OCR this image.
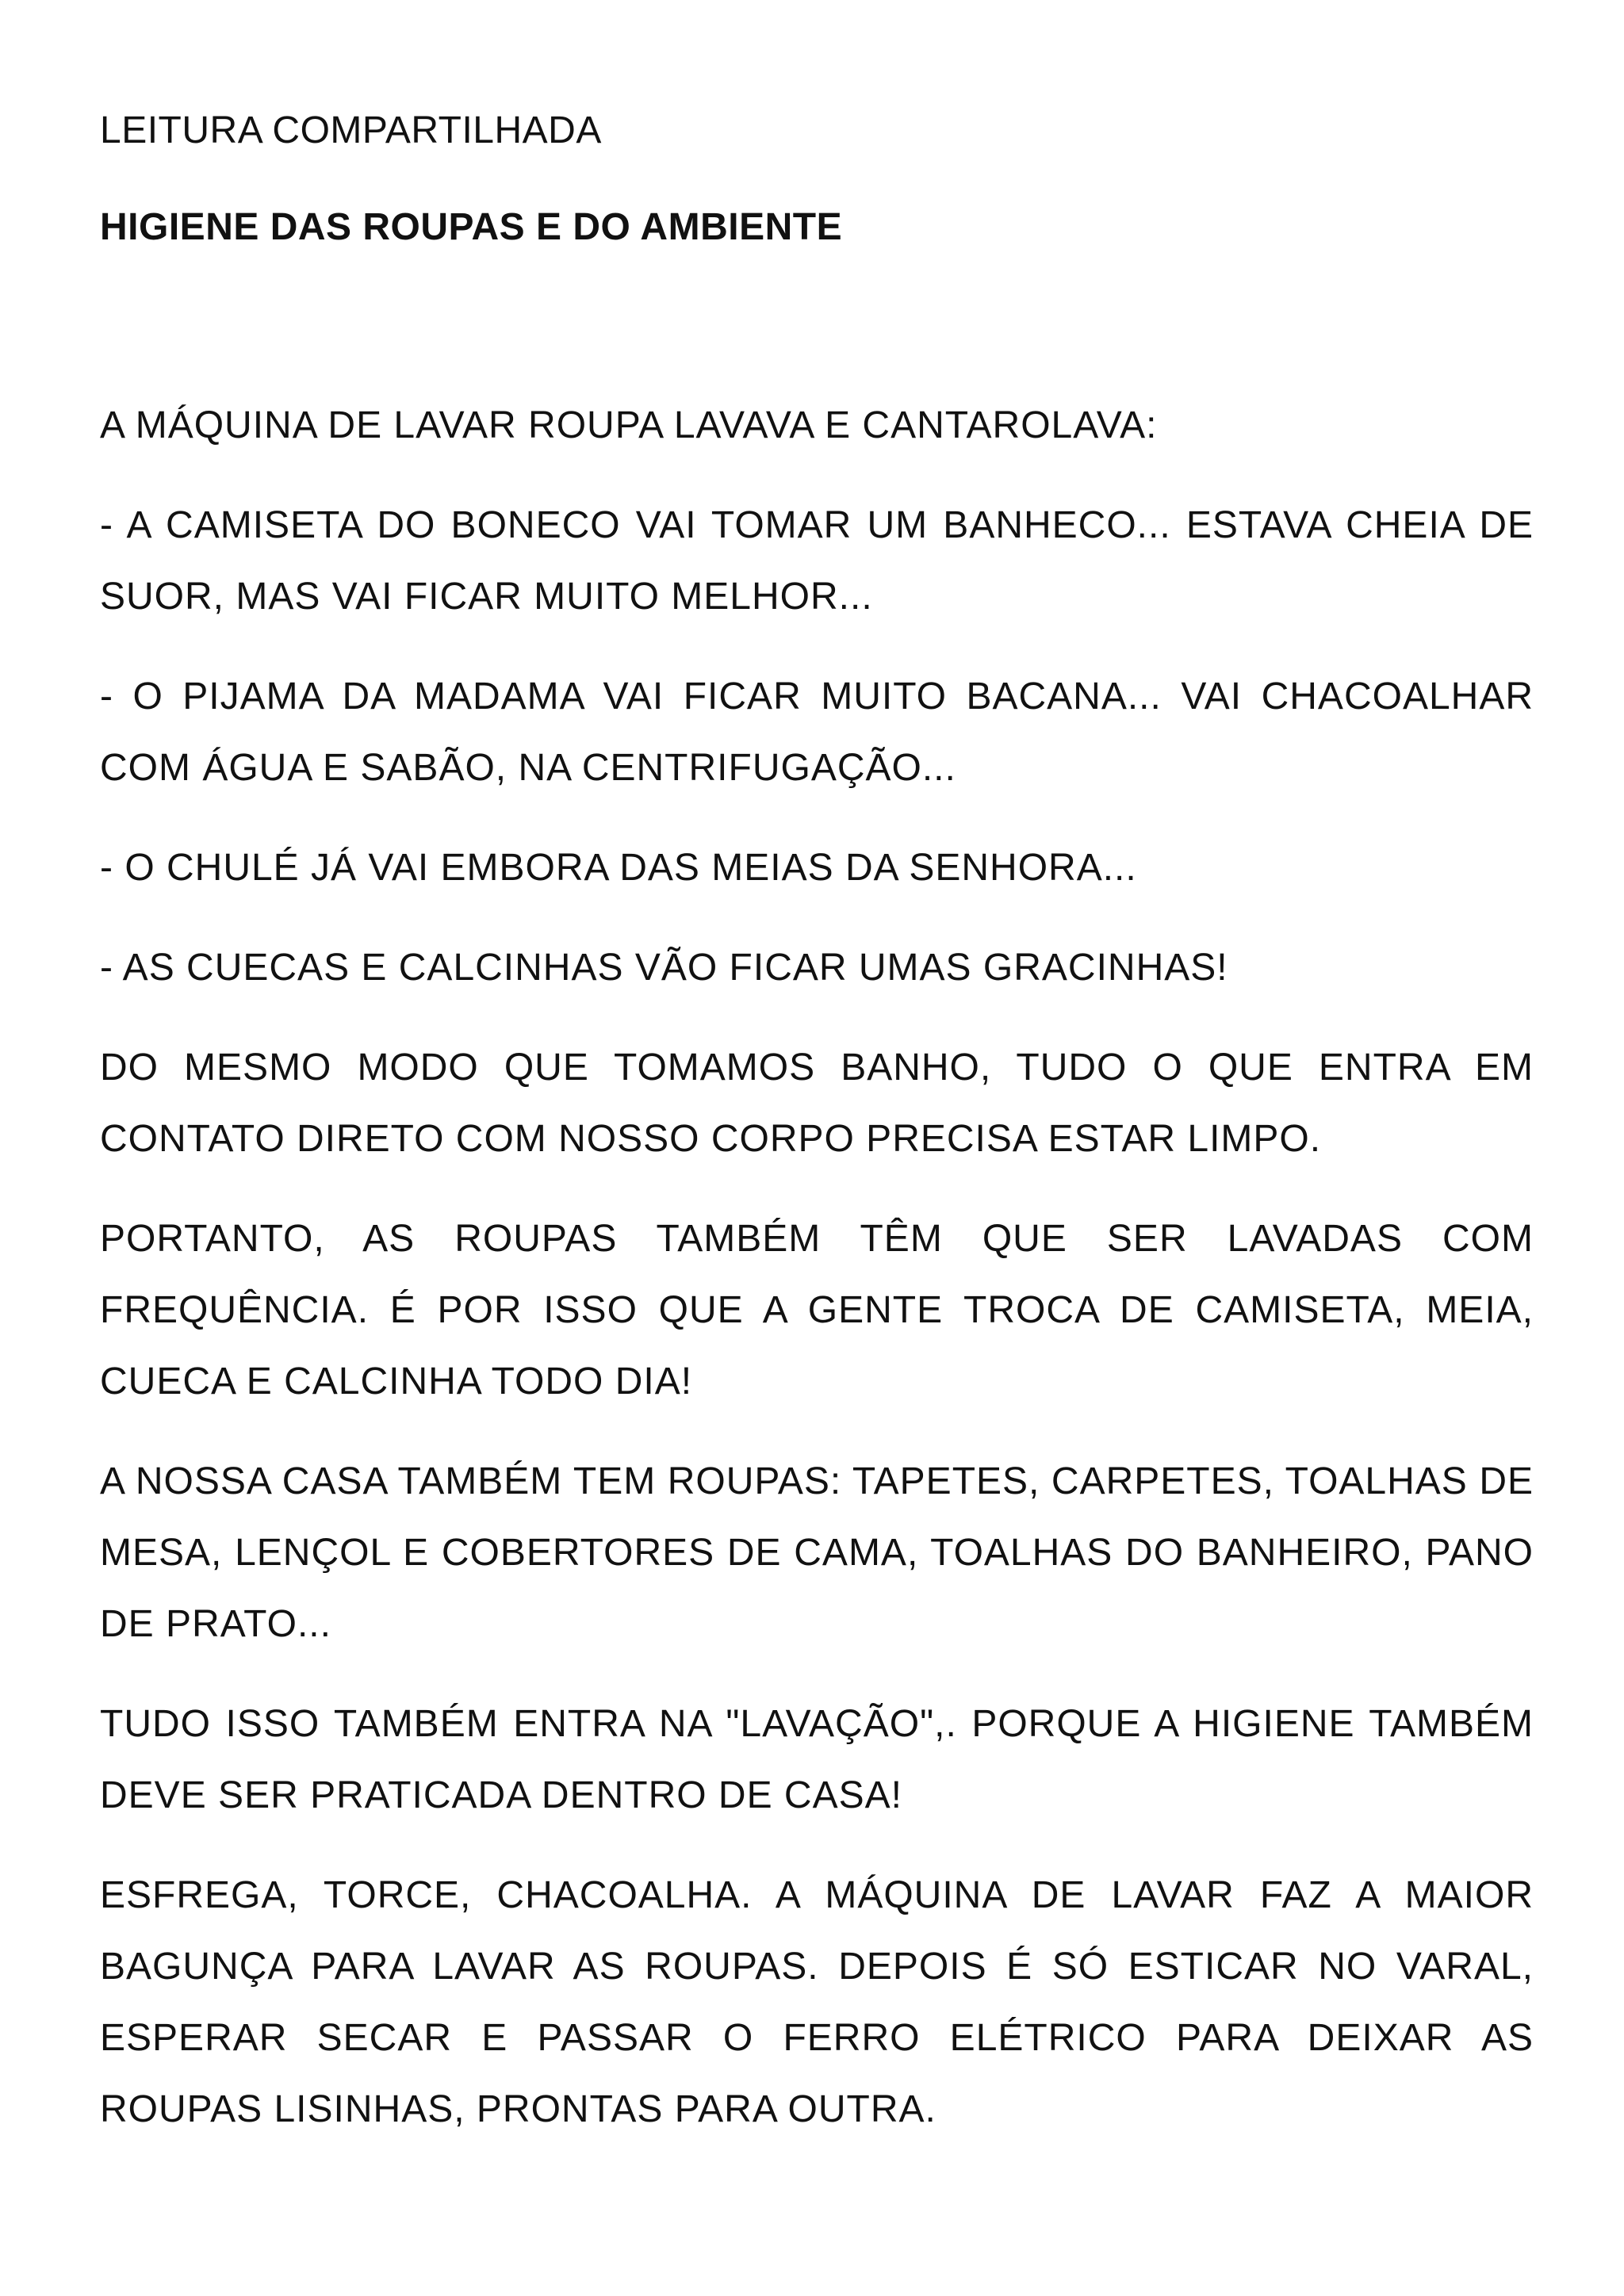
LEITURA COMPARTILHADA

HIGIENE DAS ROUPAS E DO AMBIENTE

A MÁQUINA DE LAVAR ROUPA LAVAVA E CANTAROLAVA:

- A CAMISETA DO BONECO VAI TOMAR UM BANHECO... ESTAVA CHEIA DE SUOR, MAS VAI FICAR MUITO MELHOR...

- O PIJAMA DA MADAMA VAI FICAR MUITO BACANA... VAI CHACOALHAR COM ÁGUA E SABÃO, NA CENTRIFUGAÇÃO...

- O CHULÉ JÁ VAI EMBORA DAS MEIAS DA SENHORA...

- AS CUECAS E CALCINHAS VÃO FICAR UMAS GRACINHAS!

DO MESMO MODO QUE TOMAMOS BANHO, TUDO O QUE ENTRA EM CONTATO DIRETO COM NOSSO CORPO PRECISA ESTAR LIMPO.

PORTANTO, AS ROUPAS TAMBÉM TÊM QUE SER LAVADAS COM FREQUÊNCIA. É POR ISSO QUE A GENTE TROCA DE CAMISETA, MEIA, CUECA E CALCINHA TODO DIA!

A NOSSA CASA TAMBÉM TEM ROUPAS: TAPETES, CARPETES, TOALHAS DE MESA, LENÇOL E COBERTORES DE CAMA, TOALHAS DO BANHEIRO, PANO DE PRATO...

TUDO ISSO TAMBÉM ENTRA NA "LAVAÇÃO",. PORQUE A HIGIENE TAMBÉM DEVE SER PRATICADA DENTRO DE CASA!

ESFREGA, TORCE, CHACOALHA. A MÁQUINA DE LAVAR FAZ A MAIOR BAGUNÇA PARA LAVAR AS ROUPAS. DEPOIS É SÓ ESTICAR NO VARAL, ESPERAR SECAR E PASSAR O FERRO ELÉTRICO PARA DEIXAR AS ROUPAS LISINHAS, PRONTAS PARA OUTRA.
